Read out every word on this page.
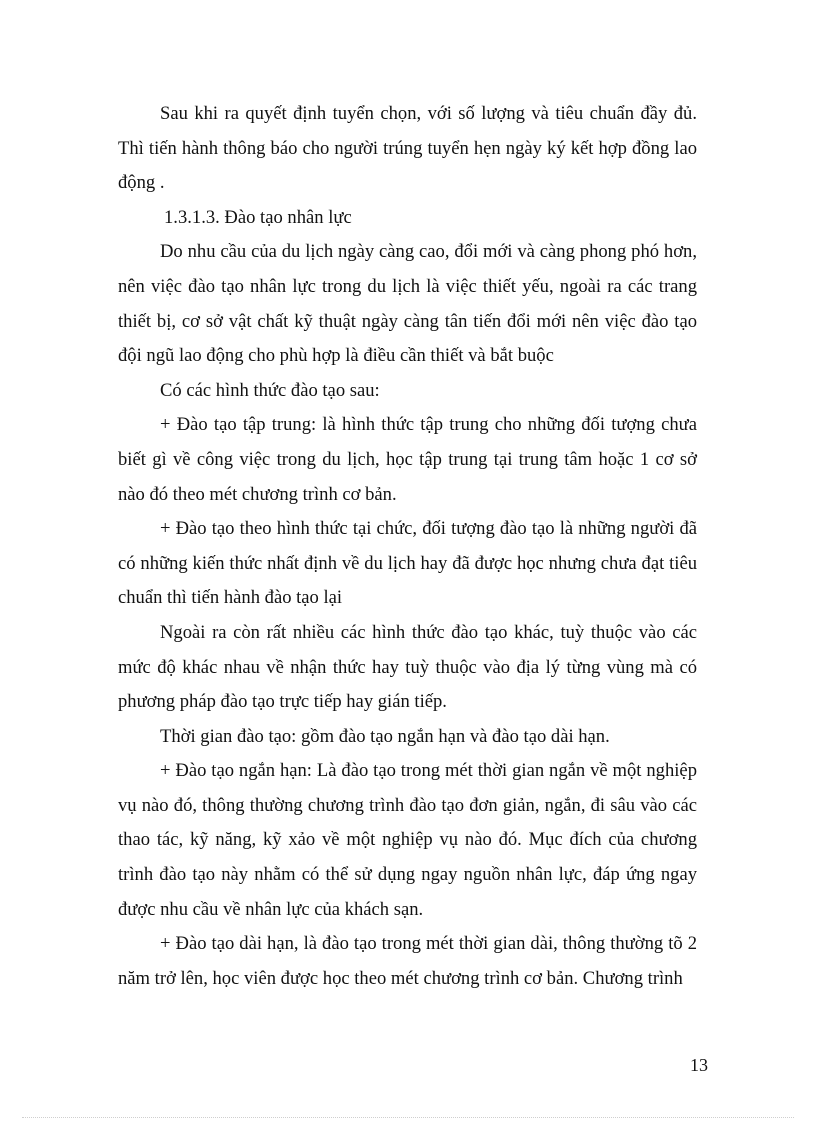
Sau khi ra quyết định tuyển chọn, với số lượng và tiêu chuẩn đầy đủ. Thì tiến hành thông báo cho người trúng tuyển hẹn ngày ký kết hợp đồng lao động .

1.3.1.3. Đào tạo nhân lực

Do nhu cầu của du lịch ngày càng cao, đổi mới và càng phong phó hơn, nên việc đào tạo nhân lực trong du lịch là việc thiết yếu, ngoài ra các trang thiết bị, cơ sở vật chất kỹ thuật ngày càng tân tiến đổi mới nên việc đào tạo đội ngũ lao động cho phù hợp là điều cần thiết và bắt buộc

Có các hình thức đào tạo sau:

+ Đào tạo tập trung: là hình thức tập trung cho những đối tượng chưa biết gì về công việc trong du lịch, học tập trung tại trung tâm hoặc 1 cơ sở nào đó theo mét chương trình cơ bản.

+ Đào tạo theo hình thức tại chức, đối tượng đào tạo là những người đã có những kiến thức nhất định về du lịch hay đã được học nhưng chưa đạt tiêu chuẩn thì tiến hành đào tạo lại

Ngoài ra còn rất nhiều các hình thức đào tạo khác, tuỳ thuộc vào các mức độ khác nhau về nhận thức hay tuỳ thuộc vào địa lý từng vùng mà có phương pháp đào tạo trực tiếp hay gián tiếp.

Thời gian đào tạo: gồm đào tạo ngắn hạn và đào tạo dài hạn.

+ Đào tạo ngắn hạn: Là đào tạo trong mét thời gian ngắn về một nghiệp vụ nào đó, thông thường chương trình đào tạo đơn giản, ngắn, đi sâu vào các thao tác, kỹ năng, kỹ xảo về một nghiệp vụ nào đó. Mục đích của chương trình đào tạo này nhằm có thể sử dụng ngay nguồn nhân lực, đáp ứng ngay được nhu cầu về nhân lực của khách sạn.

+ Đào tạo dài hạn, là đào tạo trong mét thời gian dài, thông thường tõ 2 năm trở lên, học viên được học theo mét chương trình cơ bản. Chương trình

13
